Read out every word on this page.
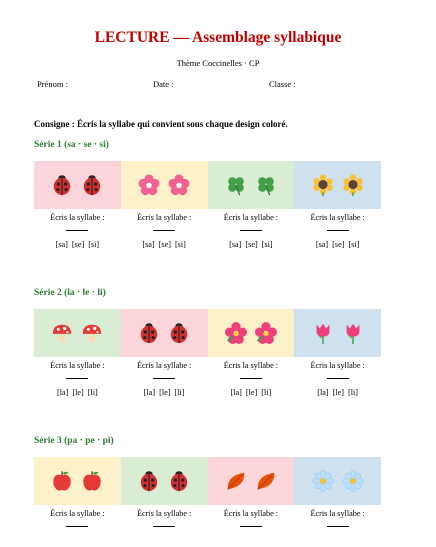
LECTURE — Assemblage syllabique
Thème Coccinelles · CP
Prénom :	Date :	Classe :
Consigne : Écris la syllabe qui convient sous chaque design coloré.
Série 1 (sa · se · si)
Écris la syllabe :
[sa] [se] [si]
Écris la syllabe :
[sa] [se] [si]
Écris la syllabe :
[sa] [se] [si]
Écris la syllabe :
[sa] [se] [si]
Série 2 (la · le · li)
Écris la syllabe :
[la] [le] [li]
Écris la syllabe :
[la] [le] [li]
Écris la syllabe :
[la] [le] [li]
Écris la syllabe :
[la] [le] [li]
Série 3 (pa · pe · pi)
Écris la syllabe :	Écris la syllabe :	Écris la syllabe :	Écris la syllabe :
